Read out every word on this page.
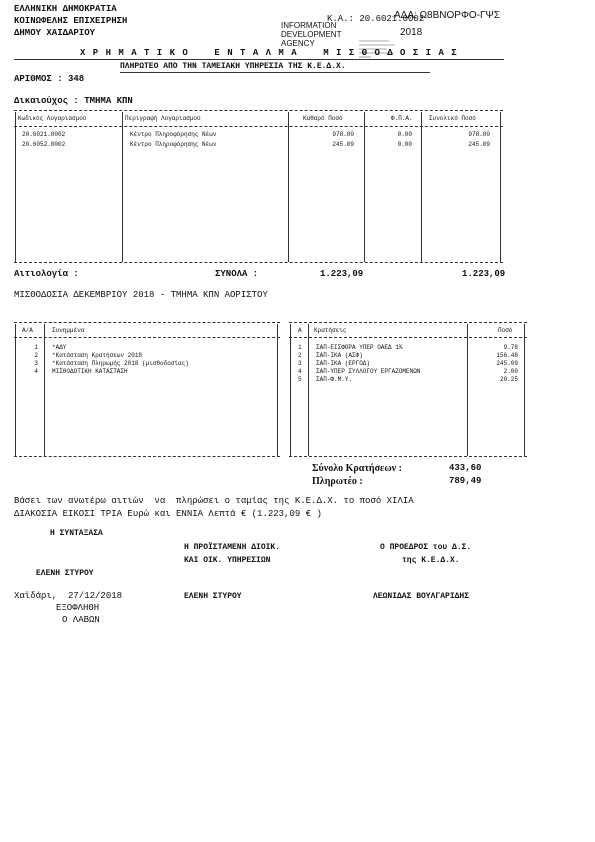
ΕΛΛΗΝΙΚΗ ΔΗΜΟΚΡΑΤΙΑ
ΚΟΙΝΩΦΕΛΗΣ ΕΠΙΧΕΙΡΗΣΗ
ΔΗΜΟΥ ΧΑΙΔΑΡΙΟΥ
ΑΔΑ: Ω8ΒΝΟΡΦΟ-ΓΨΣ
Κ.Α.: 20.6021.0002
INFORMATION
DEVELOPMENT
AGENCY
2018

Χ Ρ Η Μ Α Τ Ι Κ Ο    Ε Ν Τ Α Λ Μ Α    Μ Ι Σ Θ Ο Δ Ο Σ Ι Α Σ
ΠΛΗΡΩΤΕΟ ΑΠΟ ΤΗΝ ΤΑΜΕΙΑΚΗ ΥΠΗΡΕΣΙΑ ΤΗΣ Κ.Ε.Δ.Χ.
ΑΡΙΘΜΟΣ : 348
Δικαιούχος : ΤΜΗΜΑ ΚΠΝ
Κωδικός Λογαριασμού	Περιγραφή Λογαριασμού	Καθαρό Ποσό	Φ.Π.Α.	Συνολικό Ποσό
20.6021.0002	Κέντρο Πληροφόρησης Νέων	978.00	0.00	978.00
20.6052.0002	Κέντρο Πληροφόρησης Νέων	245.09	0.00	245.09
Αιτιολογία :	ΣΥΝΟΛΑ :	1.223,09	1.223,09
ΜΙΣΘΟΔΟΣΙΑ ΔΕΚΕΜΒΡΙΟΥ 2018 - ΤΜΗΜΑ ΚΠΝ ΑΟΡΙΣΤΟΥ
Α/Α	Συνημμένα
1 *ΑΔΥ
2 *Κατάσταση Κρατήσεων 2018
3 *Κατάσταση Πληρωμής 2018 (μισθοδοσίας)
4 ΜΙΣΘΟΔΟΤΙΚΗ ΚΑΤΑΣΤΑΣΗ
Α Κρατήσεις	Ποσό
1 ΣΑΠ-ΕΙΣΦΟΡΑ ΥΠΕΡ ΟΑΕΔ 1%	9.78
2 ΣΑΠ-ΙΚΑ (ΑΣΦ)	156.48
3 ΣΑΠ-ΙΚΑ (ΕΡΓΟΔ)	245.09
4 ΣΑΠ-ΥΠΕΡ ΣΥΛΛΟΓΟΥ ΕΡΓΑΖΟΜΕΝΩΝ	2.00
5 ΣΑΠ-Φ.Μ.Υ.	20.25
Σύνολο Κρατήσεων :	433,60
Πληρωτέο :	789,49
Βάσει των ανωτέρω αιτιών  να  πληρώσει ο ταμίας της Κ.Ε.Δ.Χ. το ποσό ΧΙΛΙΑ
ΔΙΑΚΟΣΙΑ ΕΙΚΟΣΙ ΤΡΙΑ Ευρώ και ΕΝΝΙΑ Λεπτά € (1.223,09 € )
Η ΣΥΝΤΑΞΑΣΑ
ΕΛΕΝΗ ΣΤΥΡΟΥ
Η ΠΡΟΪΣΤΑΜΕΝΗ ΔΙΟΙΚ.
ΚΑΙ ΟΙΚ. ΥΠΗΡΕΣΙΩΝ
ΕΛΕΝΗ ΣΤΥΡΟΥ
Ο ΠΡΟΕΔΡΟΣ του Δ.Σ.
της Κ.Ε.Δ.Χ.
ΛΕΩΝΙΔΑΣ ΒΟΥΛΓΑΡΙΔΗΣ
Χαϊδάρι,  27/12/2018
ΕΞΟΦΛΗΘΗ
Ο ΛΑΒΩΝ
